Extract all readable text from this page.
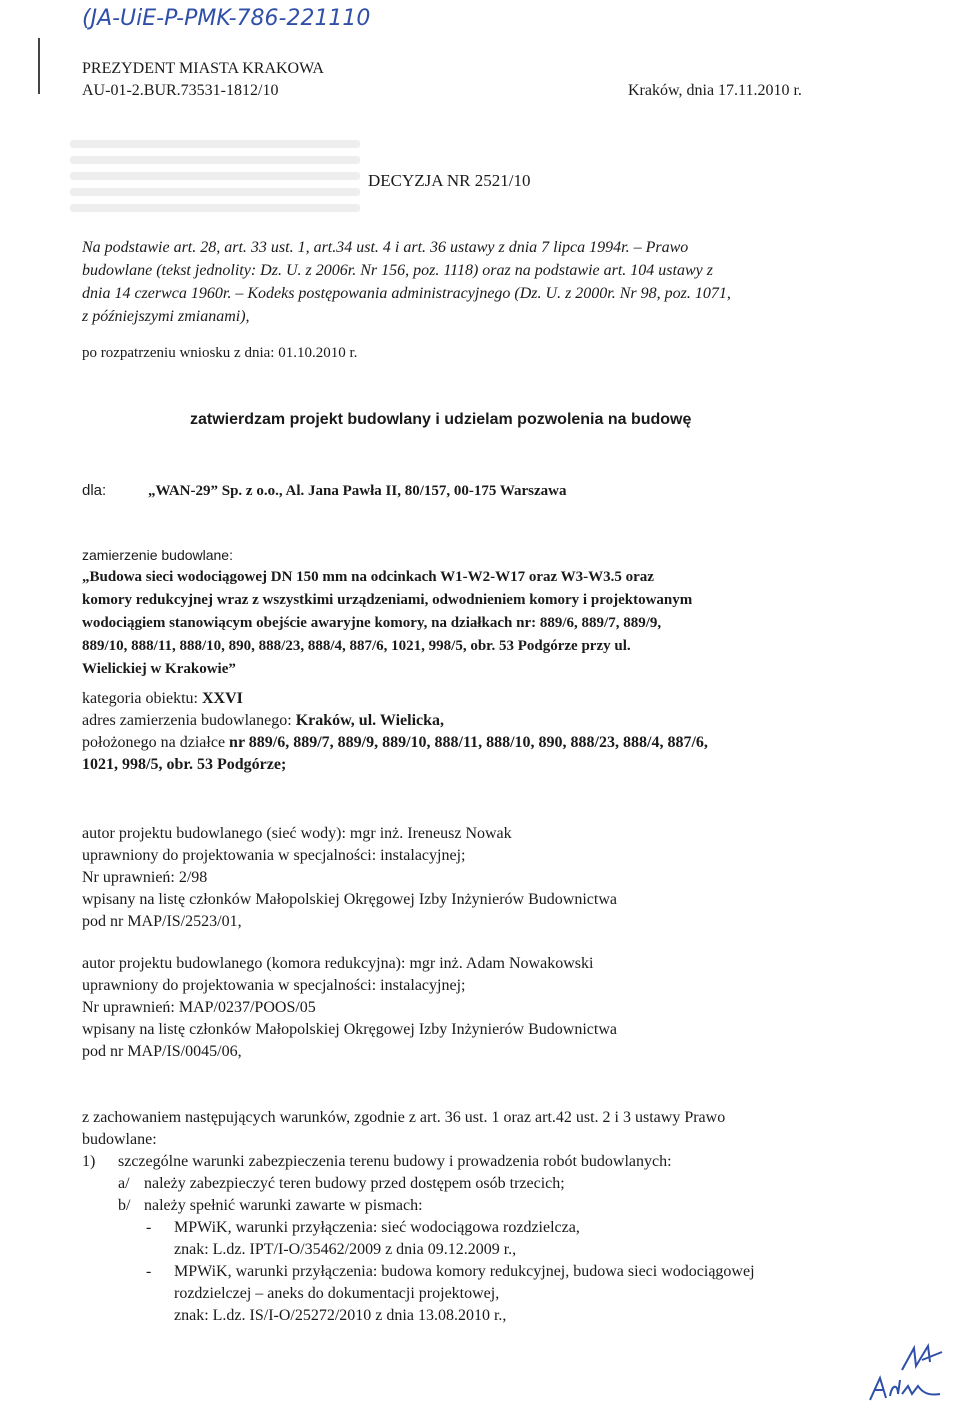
(JA-UiE-P-PMK-786-221110

PREZYDENT MIASTA KRAKOWA

AU-01-2.BUR.73531-1812/10	Kraków, dnia 17.11.2010 r.

DECYZJA NR 2521/10

Na podstawie art. 28, art. 33 ust. 1, art.34 ust. 4 i art. 36 ustawy z dnia 7 lipca 1994r. – Prawo

budowlane (tekst jednolity: Dz. U. z 2006r. Nr 156, poz. 1118) oraz na podstawie art. 104 ustawy z

dnia 14 czerwca 1960r. – Kodeks postępowania administracyjnego (Dz. U. z 2000r. Nr 98, poz. 1071,

z późniejszymi zmianami),

po rozpatrzeniu wniosku z dnia: 01.10.2010 r.

zatwierdzam projekt budowlany i udzielam pozwolenia na budowę

dla:	„WAN-29” Sp. z o.o., Al. Jana Pawła II, 80/157, 00-175 Warszawa

zamierzenie budowlane:

„Budowa sieci wodociągowej DN 150 mm na odcinkach W1-W2-W17 oraz W3-W3.5 oraz

komory redukcyjnej wraz z wszystkimi urządzeniami, odwodnieniem komory i projektowanym

wodociągiem stanowiącym obejście awaryjne komory, na działkach nr: 889/6, 889/7, 889/9,

889/10, 888/11, 888/10, 890, 888/23, 888/4, 887/6, 1021, 998/5, obr. 53 Podgórze przy ul.

Wielickiej w Krakowie”

kategoria obiektu: XXVI

adres zamierzenia budowlanego: Kraków, ul. Wielicka,

położonego na działce nr 889/6, 889/7, 889/9, 889/10, 888/11, 888/10, 890, 888/23, 888/4, 887/6,

1021, 998/5, obr. 53 Podgórze;

autor projektu budowlanego (sieć wody): mgr inż. Ireneusz Nowak

uprawniony do projektowania w specjalności: instalacyjnej;

Nr uprawnień: 2/98

wpisany na listę członków Małopolskiej Okręgowej Izby Inżynierów Budownictwa

pod nr MAP/IS/2523/01,

autor projektu budowlanego (komora redukcyjna): mgr inż. Adam Nowakowski

uprawniony do projektowania w specjalności: instalacyjnej;

Nr uprawnień: MAP/0237/POOS/05

wpisany na listę członków Małopolskiej Okręgowej Izby Inżynierów Budownictwa

pod nr MAP/IS/0045/06,

z zachowaniem następujących warunków, zgodnie z art. 36 ust. 1 oraz art.42 ust. 2 i 3 ustawy Prawo

budowlane:

1) szczególne warunki zabezpieczenia terenu budowy i prowadzenia robót budowlanych:

a/ należy zabezpieczyć teren budowy przed dostępem osób trzecich;

b/ należy spełnić warunki zawarte w pismach:

- MPWiK, warunki przyłączenia: sieć wodociągowa rozdzielcza,

znak: L.dz. IPT/I-O/35462/2009 z dnia 09.12.2009 r.,

- MPWiK, warunki przyłączenia: budowa komory redukcyjnej, budowa sieci wodociągowej

rozdzielczej – aneks do dokumentacji projektowej,

znak: L.dz. IS/I-O/25272/2010 z dnia 13.08.2010 r.,
